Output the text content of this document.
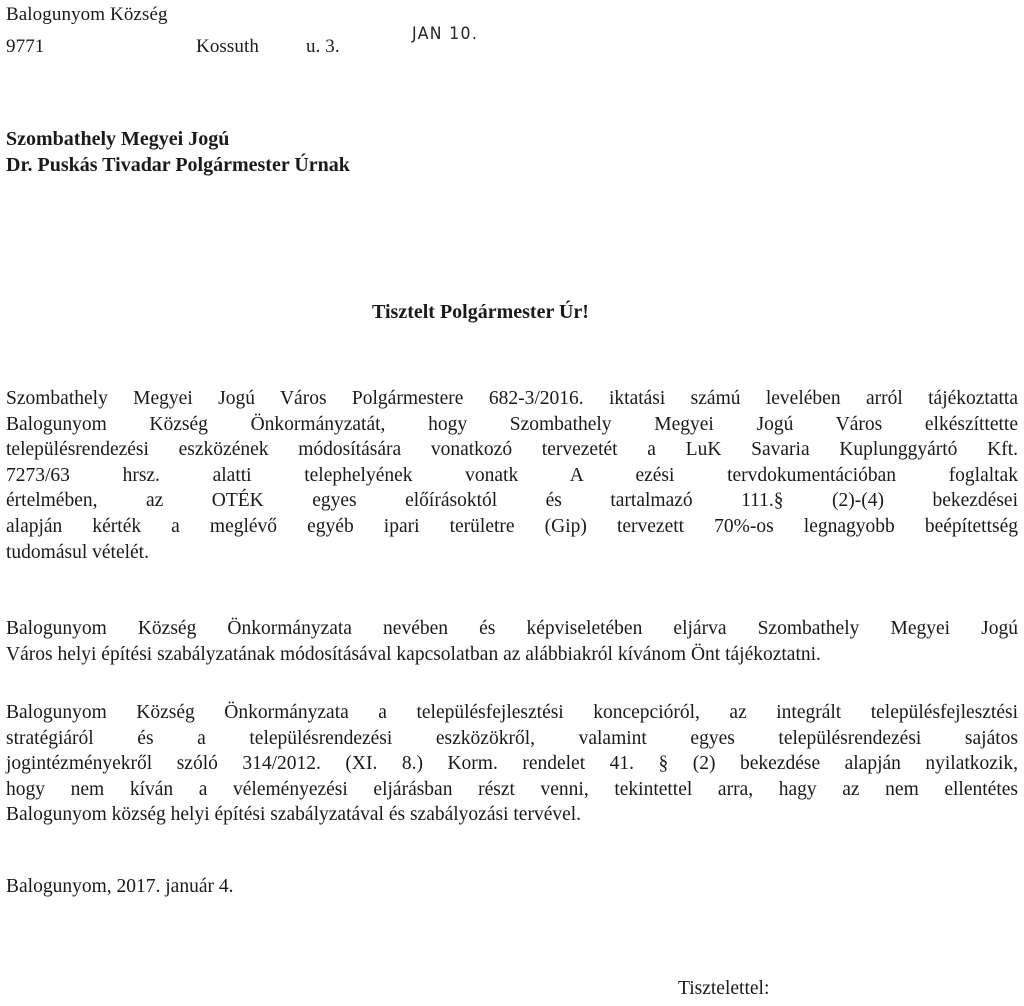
Balogunyom Község
9771	Kossuth u. 3.
JAN 10.
Szombathely Megyei Jogú
Dr. Puskás Tivadar Polgármester Úrnak
Tisztelt Polgármester Úr!
Szombathely Megyei Jogú Város Polgármestere 682-3/2016. iktatási számú levelében arról tájékoztatta
Balogunyom Község Önkormányzatát, hogy Szombathely Megyei Jogú Város elkészíttette
településrendezési eszközének módosítására vonatkozó tervezetét a LuK Savaria Kuplunggyártó Kft.
7273/63 hrsz. alatti telephelyének vonatk A ezési tervdokumentációban foglaltak
értelmében, az OTÉK egyes előírásoktól és tartalmazó 111.§ (2)-(4) bekezdései
alapján kérték a meglévő egyéb ipari területre (Gip) tervezett 70%-os legnagyobb beépítettség
tudomásul vételét.
Balogunyom Község Önkormányzata nevében és képviseletében eljárva Szombathely Megyei Jogú
Város helyi építési szabályzatának módosításával kapcsolatban az alábbiakról kívánom Önt tájékoztatni.
Balogunyom Község Önkormányzata a településfejlesztési koncepcióról, az integrált településfejlesztési
stratégiáról és a településrendezési eszközökről, valamint egyes településrendezési sajátos
jogintézményekről szóló 314/2012. (XI. 8.) Korm. rendelet 41. § (2) bekezdése alapján nyilatkozik,
hogy nem kíván a véleményezési eljárásban részt venni, tekintettel arra, hagy az nem ellentétes
Balogunyom község helyi építési szabályzatával és szabályozási tervével.
Balogunyom, 2017. január 4.
Tisztelettel:
